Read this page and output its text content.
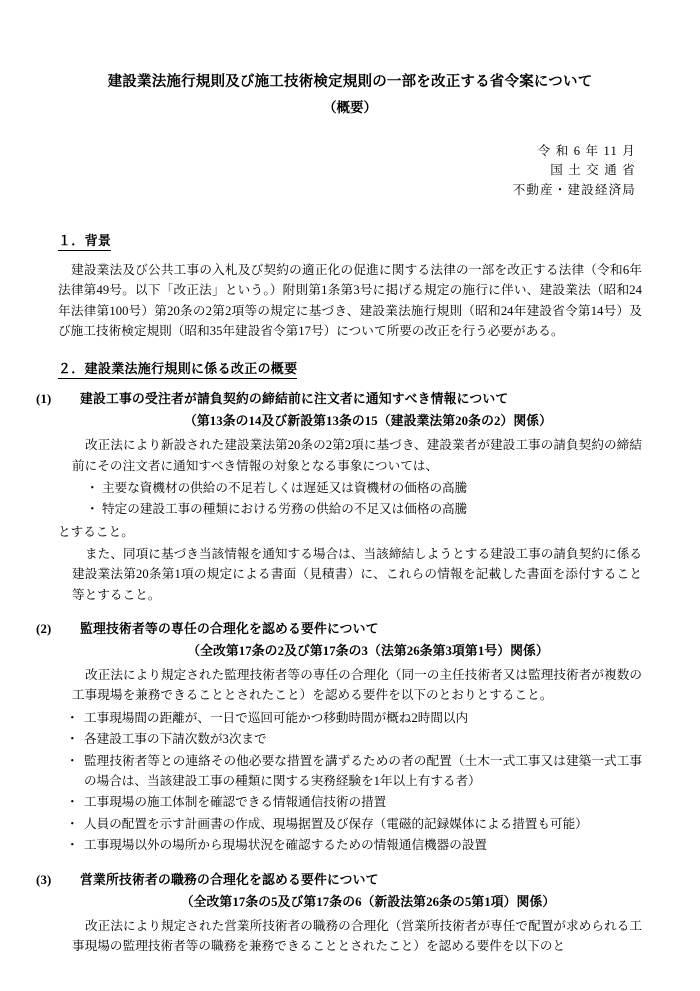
建設業法施行規則及び施工技術検定規則の一部を改正する省令案について
（概要）
令 和 6 年 11 月
国 土 交 通 省
不動産・建設経済局
１．背景

建設業法及び公共工事の入札及び契約の適正化の促進に関する法律の一部を改正する法律（令和6年法律第49号。以下「改正法」という。）附則第1条第3号に掲げる規定の施行に伴い、建設業法（昭和24年法律第100号）第20条の2第2項等の規定に基づき、建設業法施行規則（昭和24年建設省令第14号）及び施工技術検定規則（昭和35年建設省令第17号）について所要の改正を行う必要がある。

２．建設業法施行規則に係る改正の概要
(1) 建設工事の受注者が請負契約の締結前に注文者に通知すべき情報について
（第13条の14及び新設第13条の15（建設業法第20条の2）関係）

改正法により新設された建設業法第20条の2第2項に基づき、建設業者が建設工事の請負契約の締結前にその注文者に通知すべき情報の対象となる事象については、

・ 主要な資機材の供給の不足若しくは遅延又は資機材の価格の高騰
・ 特定の建設工事の種類における労務の供給の不足又は価格の高騰

とすること。

また、同項に基づき当該情報を通知する場合は、当該締結しようとする建設工事の請負契約に係る建設業法第20条第1項の規定による書面（見積書）に、これらの情報を記載した書面を添付すること等とすること。

(2) 監理技術者等の専任の合理化を認める要件について
（全改第17条の2及び第17条の3（法第26条第3項第1号）関係）

改正法により規定された監理技術者等の専任の合理化（同一の主任技術者又は監理技術者が複数の工事現場を兼務できることとされたこと）を認める要件を以下のとおりとすること。

・ 工事現場間の距離が、一日で巡回可能かつ移動時間が概ね2時間以内
・ 各建設工事の下請次数が3次まで
・ 監理技術者等との連絡その他必要な措置を講ずるための者の配置（土木一式工事又は建築一式工事の場合は、当該建設工事の種類に関する実務経験を1年以上有する者）
・ 工事現場の施工体制を確認できる情報通信技術の措置
・ 人員の配置を示す計画書の作成、現場据置及び保存（電磁的記録媒体による措置も可能）
・ 工事現場以外の場所から現場状況を確認するための情報通信機器の設置
(3) 営業所技術者の職務の合理化を認める要件について
（全改第17条の5及び第17条の6（新設法第26条の5第1項）関係）

改正法により規定された営業所技術者の職務の合理化（営業所技術者が専任で配置が求められる工事現場の監理技術者等の職務を兼務できることとされたこと）を認める要件を以下のと
